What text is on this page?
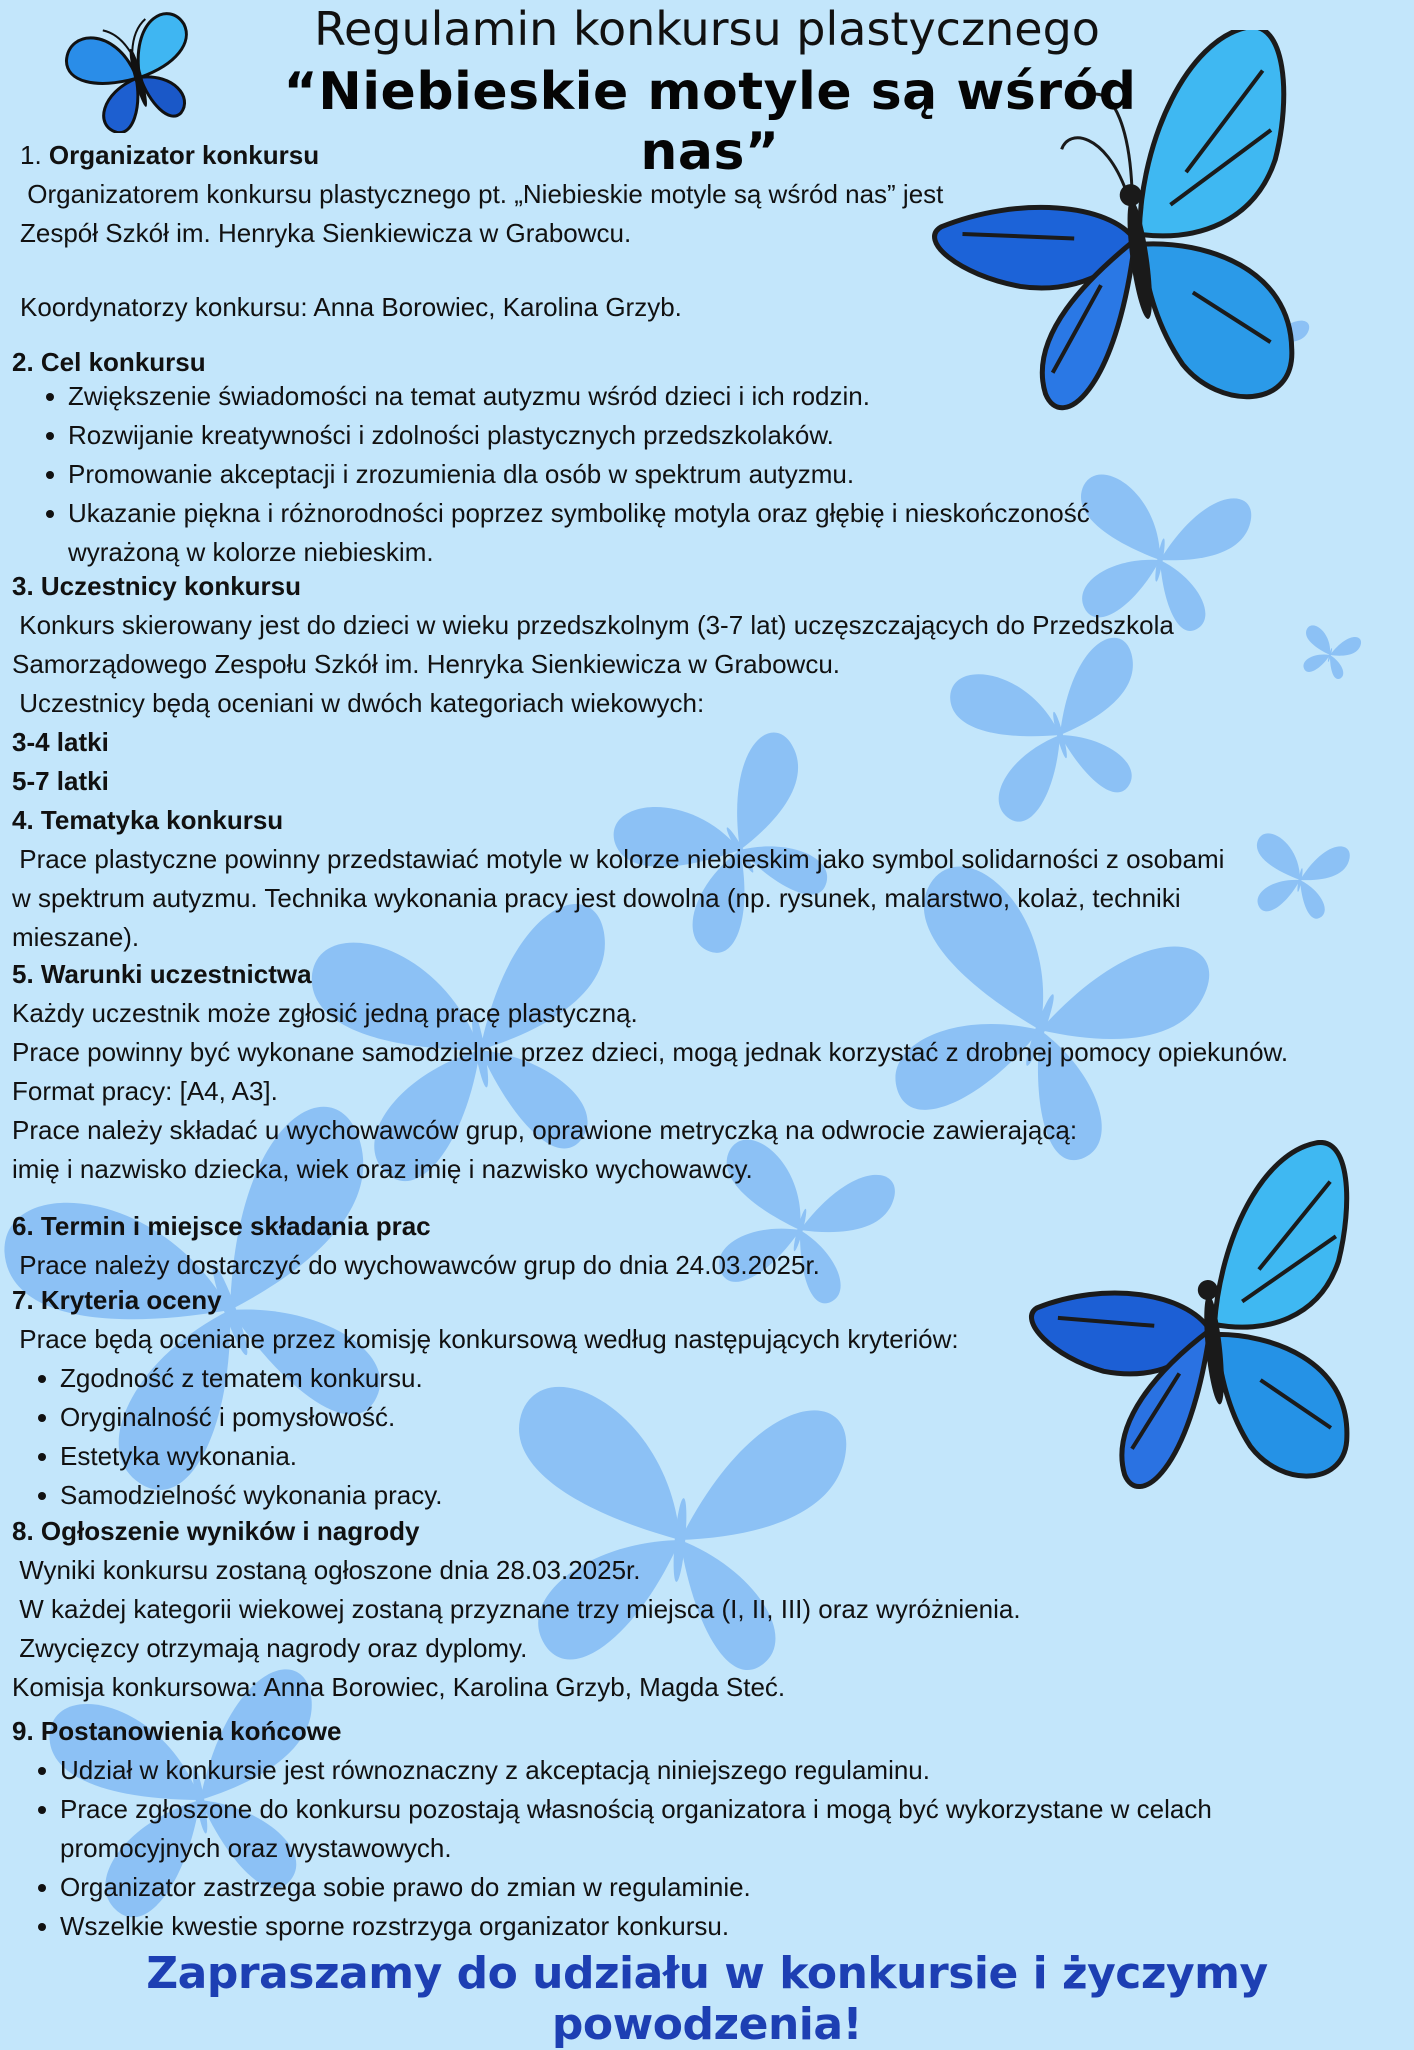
Regulamin konkursu plastycznego
“Niebieskie motyle są wśród nas”
1. Organizator konkursu
Organizatorem konkursu plastycznego pt. „Niebieskie motyle są wśród nas” jest
Zespół Szkół im. Henryka Sienkiewicza w Grabowcu.
Koordynatorzy konkursu: Anna Borowiec, Karolina Grzyb.
2. Cel konkursu
Zwiększenie świadomości na temat autyzmu wśród dzieci i ich rodzin.
Rozwijanie kreatywności i zdolności plastycznych przedszkolaków.
Promowanie akceptacji i zrozumienia dla osób w spektrum autyzmu.
Ukazanie piękna i różnorodności poprzez symbolikę motyla oraz głębię i nieskończoność
wyrażoną w kolorze niebieskim.
3. Uczestnicy konkursu
Konkurs skierowany jest do dzieci w wieku przedszkolnym (3-7 lat) uczęszczających do Przedszkola
Samorządowego Zespołu Szkół im. Henryka Sienkiewicza w Grabowcu.
Uczestnicy będą oceniani w dwóch kategoriach wiekowych:
3-4 latki
5-7 latki
4. Tematyka konkursu
Prace plastyczne powinny przedstawiać motyle w kolorze niebieskim jako symbol solidarności z osobami
w spektrum autyzmu. Technika wykonania pracy jest dowolna (np. rysunek, malarstwo, kolaż, techniki
mieszane).
5. Warunki uczestnictwa
Każdy uczestnik może zgłosić jedną pracę plastyczną.
Prace powinny być wykonane samodzielnie przez dzieci, mogą jednak korzystać z drobnej pomocy opiekunów.
Format pracy: [A4, A3].
Prace należy składać u wychowawców grup, oprawione metryczką na odwrocie zawierającą:
imię i nazwisko dziecka, wiek oraz imię i nazwisko wychowawcy.
6. Termin i miejsce składania prac
Prace należy dostarczyć do wychowawców grup do dnia 24.03.2025r.
7. Kryteria oceny
Prace będą oceniane przez komisję konkursową według następujących kryteriów:
Zgodność z tematem konkursu.
Oryginalność i pomysłowość.
Estetyka wykonania.
Samodzielność wykonania pracy.
8. Ogłoszenie wyników i nagrody
Wyniki konkursu zostaną ogłoszone dnia 28.03.2025r.
W każdej kategorii wiekowej zostaną przyznane trzy miejsca (I, II, III) oraz wyróżnienia.
Zwycięzcy otrzymają nagrody oraz dyplomy.
Komisja konkursowa: Anna Borowiec, Karolina Grzyb, Magda Steć.
9. Postanowienia końcowe
Udział w konkursie jest równoznaczny z akceptacją niniejszego regulaminu.
Prace zgłoszone do konkursu pozostają własnością organizatora i mogą być wykorzystane w celach
promocyjnych oraz wystawowych.
Organizator zastrzega sobie prawo do zmian w regulaminie.
Wszelkie kwestie sporne rozstrzyga organizator konkursu.
Zapraszamy do udziału w konkursie i życzymy powodzenia!
